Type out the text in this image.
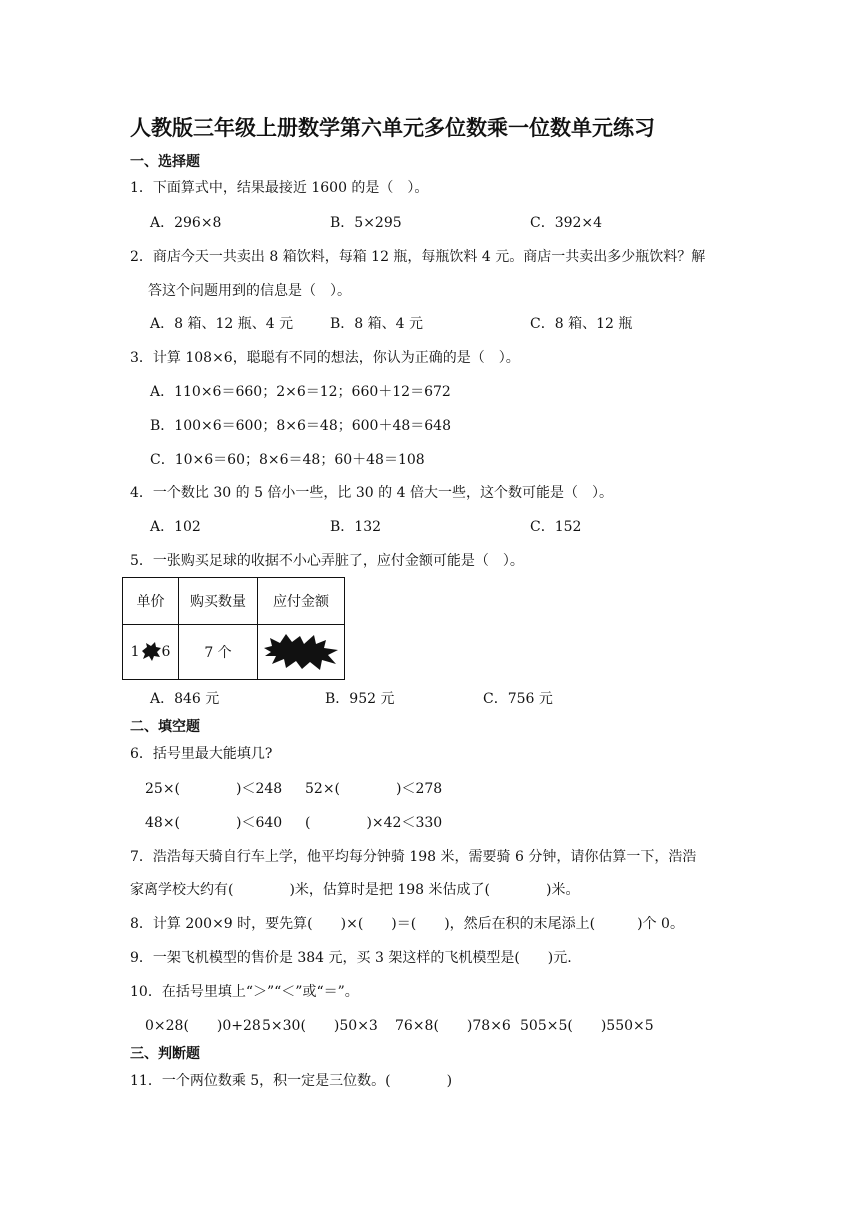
人教版三年级上册数学第六单元多位数乘一位数单元练习
一、选择题
1．下面算式中，结果最接近 1600 的是（　）。
A．296×8	B．5×295	C．392×4
2．商店今天一共卖出 8 箱饮料，每箱 12 瓶，每瓶饮料 4 元。商店一共卖出多少瓶饮料？解
答这个问题用到的信息是（　）。
A．8 箱、12 瓶、4 元	B．8 箱、4 元	C．8 箱、12 瓶
3．计算 108×6，聪聪有不同的想法，你认为正确的是（　）。
A．110×6＝660；2×6＝12；660＋12＝672
B．100×6＝600；8×6＝48；600＋48＝648
C．10×6＝60；8×6＝48；60＋48＝108
4．一个数比 30 的 5 倍小一些，比 30 的 4 倍大一些，这个数可能是（　）。
A．102	B．132	C．152
5．一张购买足球的收据不小心弄脏了，应付金额可能是（　）。
单价	购买数量	应付金额
1 6	7 个	
A．846 元	B．952 元	C．756 元
二、填空题
6．括号里最大能填几?
25×(　　　　)＜248 52×(　　　　)＜278
48×(　　　　)＜640 (　　　　)×42＜330
7．浩浩每天骑自行车上学，他平均每分钟骑 198 米，需要骑 6 分钟，请你估算一下，浩浩
家离学校大约有(　　　　)米，估算时是把 198 米估成了(　　　　)米。
8．计算 200×9 时，要先算(　　)×(　　)＝(　　)，然后在积的末尾添上(　　　)个 0。
9．一架飞机模型的售价是 384 元，买 3 架这样的飞机模型是(　　)元.
10．在括号里填上“＞”“＜”或“＝”。
0×28(　　)0+28 5×30(　　)50×3 76×8(　　)78×6 505×5(　　)550×5
三、判断题
11．一个两位数乘 5，积一定是三位数。(　　　　)
